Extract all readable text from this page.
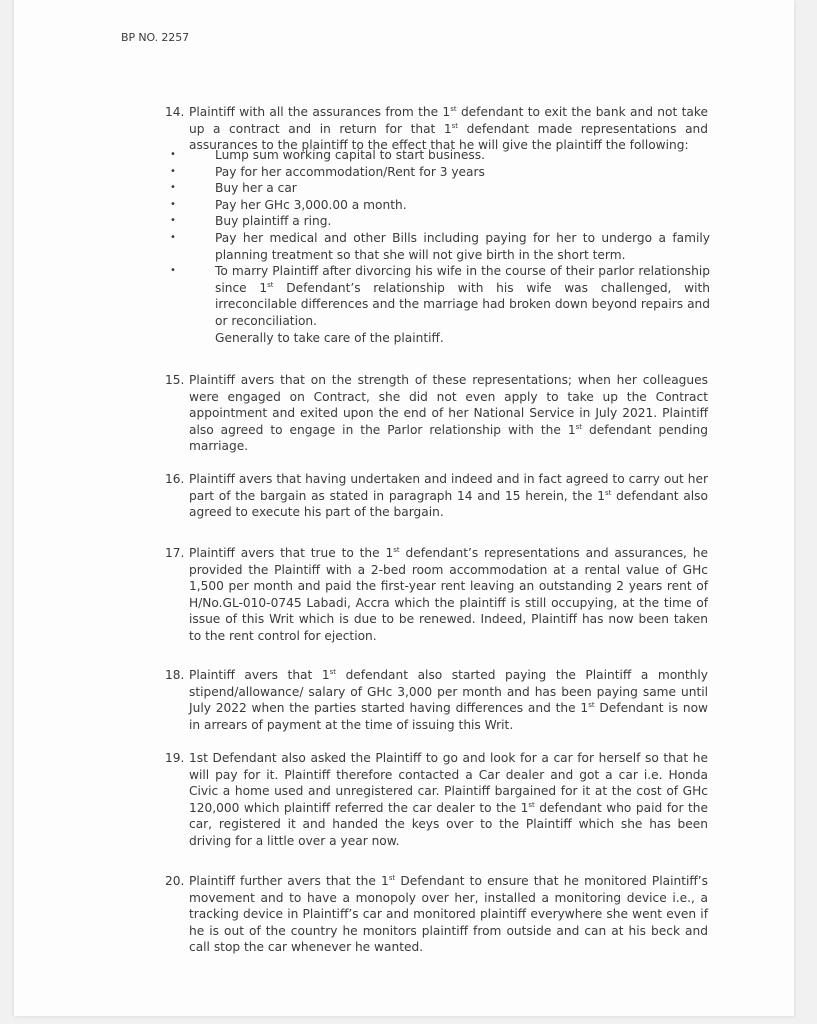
BP NO. 2257
14. Plaintiff with all the assurances from the 1st defendant to exit the bank and not take up a contract and in return for that 1st defendant made representations and assurances to the plaintiff to the effect that he will give the plaintiff the following:
•	Lump sum working capital to start business.
•	Pay for her accommodation/Rent for 3 years
•	Buy her a car
•	Pay her GHc 3,000.00 a month.
•	Buy plaintiff a ring.
•	Pay her medical and other Bills including paying for her to undergo a family planning treatment so that she will not give birth in the short term.
•	To marry Plaintiff after divorcing his wife in the course of their parlor relationship since 1st Defendant’s relationship with his wife was challenged, with irreconcilable differences and the marriage had broken down beyond repairs and or reconciliation.
Generally to take care of the plaintiff.
15. Plaintiff avers that on the strength of these representations; when her colleagues were engaged on Contract, she did not even apply to take up the Contract appointment and exited upon the end of her National Service in July 2021. Plaintiff also agreed to engage in the Parlor relationship with the 1st defendant pending marriage.
16. Plaintiff avers that having undertaken and indeed and in fact agreed to carry out her part of the bargain as stated in paragraph 14 and 15 herein, the 1st defendant also agreed to execute his part of the bargain.
17. Plaintiff avers that true to the 1st defendant’s representations and assurances, he provided the Plaintiff with a 2-bed room accommodation at a rental value of GHc 1,500 per month and paid the first-year rent leaving an outstanding 2 years rent of H/No.GL-010-0745 Labadi, Accra which the plaintiff is still occupying, at the time of issue of this Writ which is due to be renewed. Indeed, Plaintiff has now been taken to the rent control for ejection.
18. Plaintiff avers that 1st defendant also started paying the Plaintiff a monthly stipend/allowance/ salary of GHc 3,000 per month and has been paying same until July 2022 when the parties started having differences and the 1st Defendant is now in arrears of payment at the time of issuing this Writ.
19. 1st Defendant also asked the Plaintiff to go and look for a car for herself so that he will pay for it. Plaintiff therefore contacted a Car dealer and got a car i.e. Honda Civic a home used and unregistered car. Plaintiff bargained for it at the cost of GHc 120,000 which plaintiff referred the car dealer to the 1st defendant who paid for the car, registered it and handed the keys over to the Plaintiff which she has been driving for a little over a year now.
20. Plaintiff further avers that the 1st Defendant to ensure that he monitored Plaintiff’s movement and to have a monopoly over her, installed a monitoring device i.e., a tracking device in Plaintiff’s car and monitored plaintiff everywhere she went even if he is out of the country he monitors plaintiff from outside and can at his beck and call stop the car whenever he wanted.
